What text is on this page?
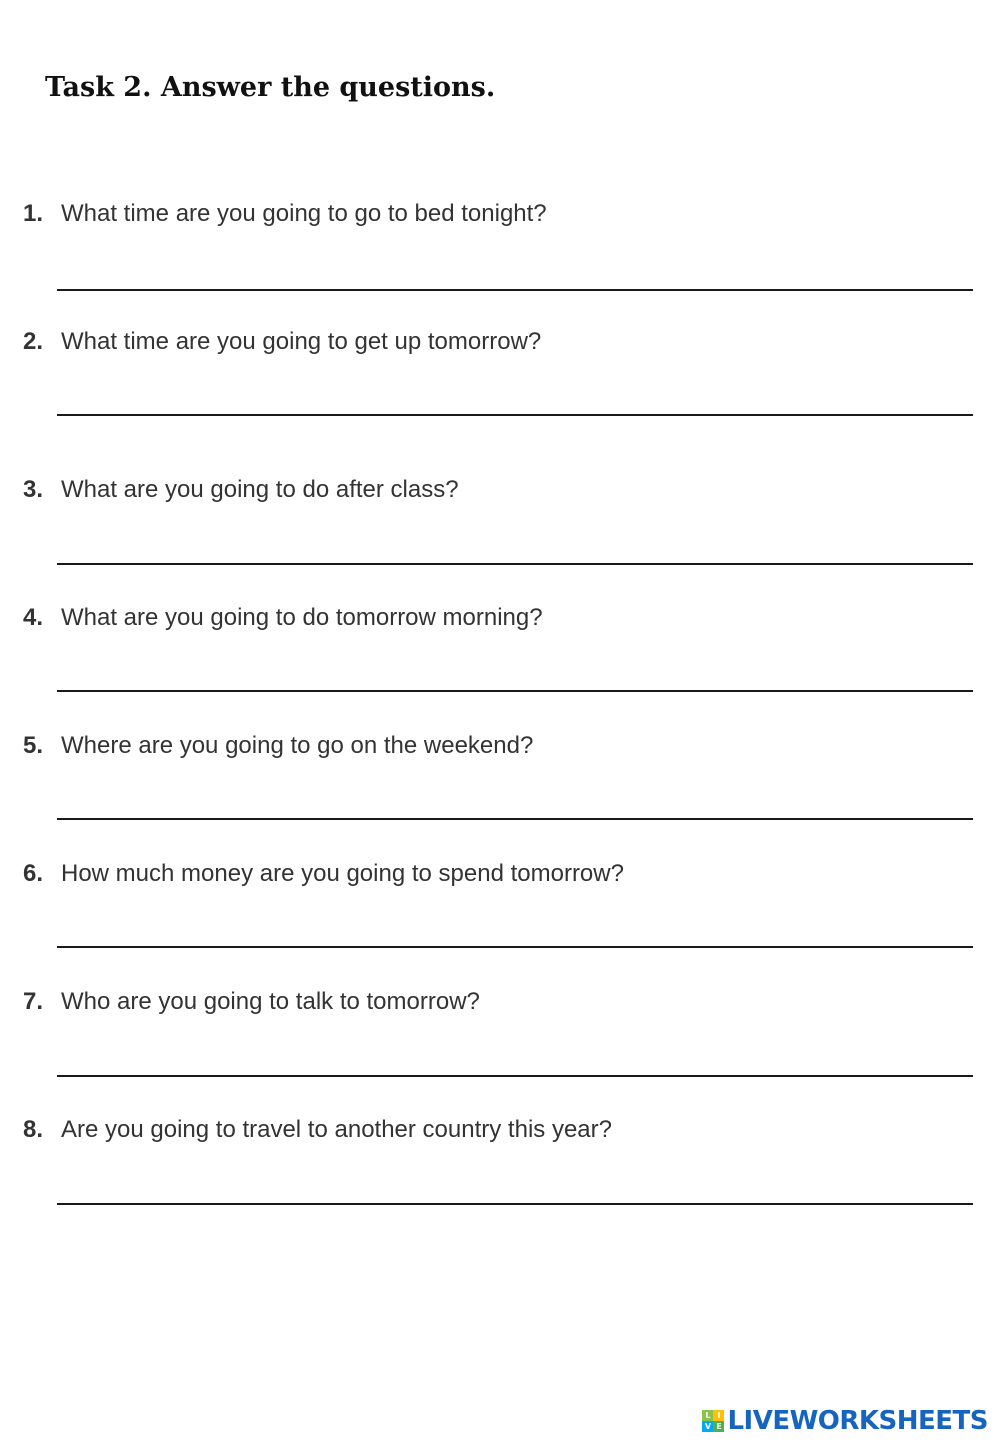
Task 2. Answer the questions.
1. What time are you going to go to bed tonight?
2. What time are you going to get up tomorrow?
3. What are you going to do after class?
4. What are you going to do tomorrow morning?
5. Where are you going to go on the weekend?
6. How much money are you going to spend tomorrow?
7. Who are you going to talk to tomorrow?
8. Are you going to travel to another country this year?
L I
V E LIVEWORKSHEETS
